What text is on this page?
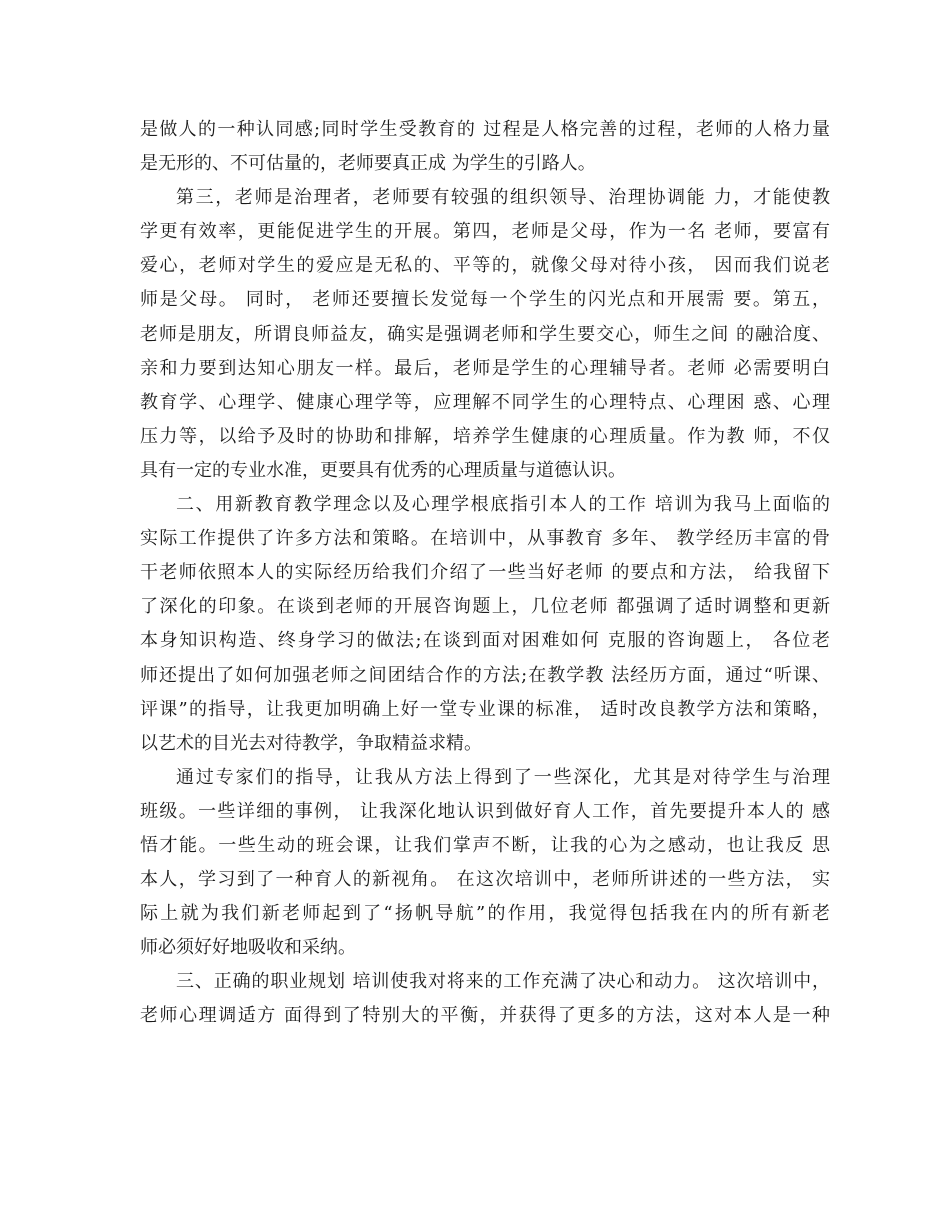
是做人的一种认同感;同时学生受教育的 过程是人格完善的过程，老师的人格力量
是无形的、不可估量的，老师要真正成 为学生的引路人。
第三，老师是治理者，老师要有较强的组织领导、治理协调能 力，才能使教
学更有效率，更能促进学生的开展。第四，老师是父母，作为一名 老师，要富有
爱心，老师对学生的爱应是无私的、平等的，就像父母对待小孩， 因而我们说老
师是父母。 同时， 老师还要擅长发觉每一个学生的闪光点和开展需 要。第五，
老师是朋友，所谓良师益友，确实是强调老师和学生要交心，师生之间 的融洽度、
亲和力要到达知心朋友一样。最后，老师是学生的心理辅导者。老师 必需要明白
教育学、心理学、健康心理学等，应理解不同学生的心理特点、心理困 惑、心理
压力等，以给予及时的协助和排解，培养学生健康的心理质量。作为教 师，不仅
具有一定的专业水准，更要具有优秀的心理质量与道德认识。
二、用新教育教学理念以及心理学根底指引本人的工作 培训为我马上面临的
实际工作提供了许多方法和策略。在培训中，从事教育 多年、 教学经历丰富的骨
干老师依照本人的实际经历给我们介绍了一些当好老师 的要点和方法， 给我留下
了深化的印象。在谈到老师的开展咨询题上，几位老师 都强调了适时调整和更新
本身知识构造、终身学习的做法;在谈到面对困难如何 克服的咨询题上， 各位老
师还提出了如何加强老师之间团结合作的方法;在教学教 法经历方面，通过“听课、
评课”的指导，让我更加明确上好一堂专业课的标准， 适时改良教学方法和策略，
以艺术的目光去对待教学，争取精益求精。
通过专家们的指导，让我从方法上得到了一些深化，尤其是对待学生与治理
班级。一些详细的事例， 让我深化地认识到做好育人工作，首先要提升本人的 感
悟才能。一些生动的班会课，让我们掌声不断，让我的心为之感动，也让我反 思
本人，学习到了一种育人的新视角。 在这次培训中，老师所讲述的一些方法， 实
际上就为我们新老师起到了“扬帆导航”的作用，我觉得包括我在内的所有新老
师必须好好地吸收和采纳。
三、正确的职业规划 培训使我对将来的工作充满了决心和动力。 这次培训中，
老师心理调适方 面得到了特别大的平衡，并获得了更多的方法，这对本人是一种
